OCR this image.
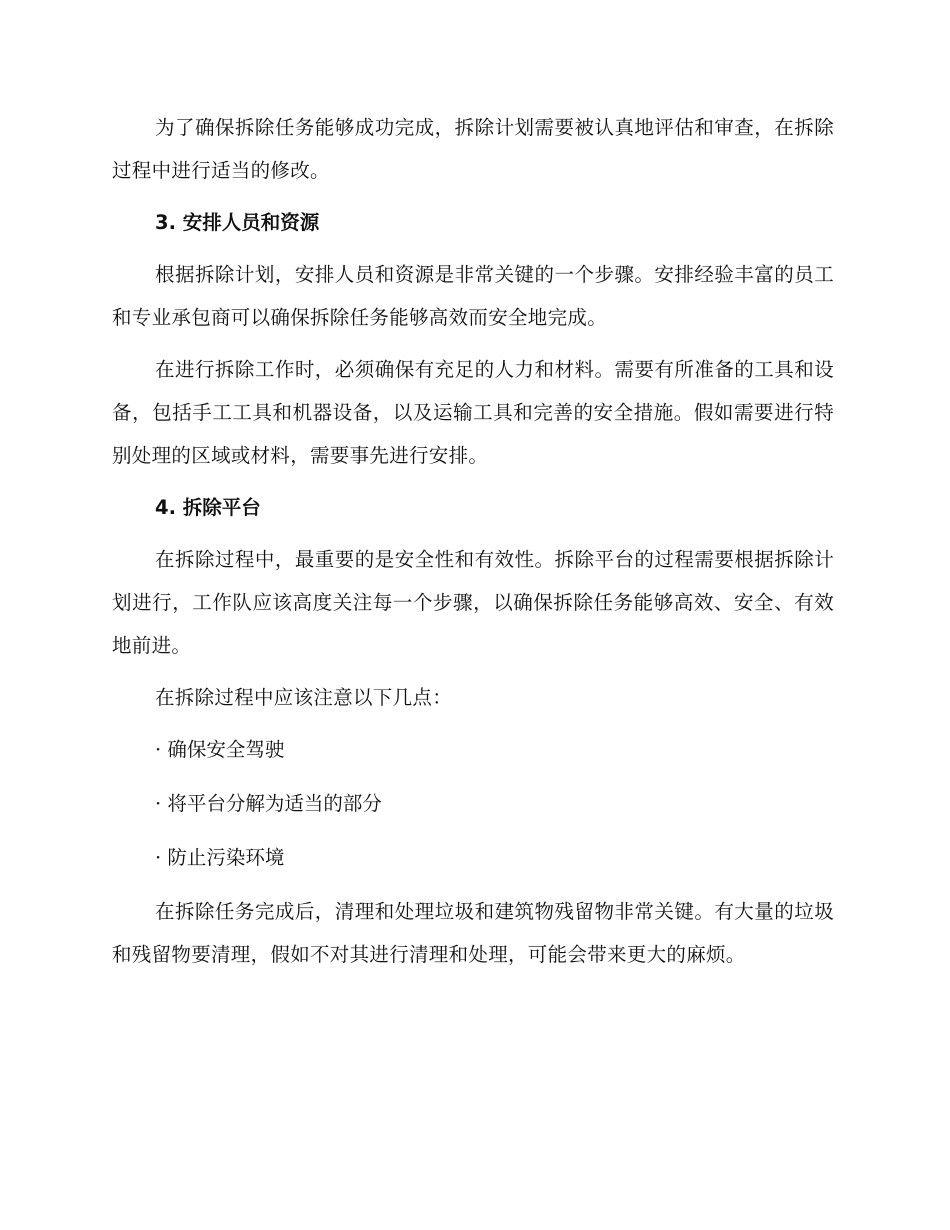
为了确保拆除任务能够成功完成，拆除计划需要被认真地评估和审查，在拆除过程中进行适当的修改。

3. 安排人员和资源

根据拆除计划，安排人员和资源是非常关键的一个步骤。安排经验丰富的员工和专业承包商可以确保拆除任务能够高效而安全地完成。

在进行拆除工作时，必须确保有充足的人力和材料。需要有所准备的工具和设备，包括手工工具和机器设备，以及运输工具和完善的安全措施。假如需要进行特别处理的区域或材料，需要事先进行安排。

4. 拆除平台

在拆除过程中，最重要的是安全性和有效性。拆除平台的过程需要根据拆除计划进行，工作队应该高度关注每一个步骤，以确保拆除任务能够高效、安全、有效地前进。

在拆除过程中应该注意以下几点：

· 确保安全驾驶
· 将平台分解为适当的部分
· 防止污染环境

在拆除任务完成后，清理和处理垃圾和建筑物残留物非常关键。有大量的垃圾和残留物要清理，假如不对其进行清理和处理，可能会带来更大的麻烦。
